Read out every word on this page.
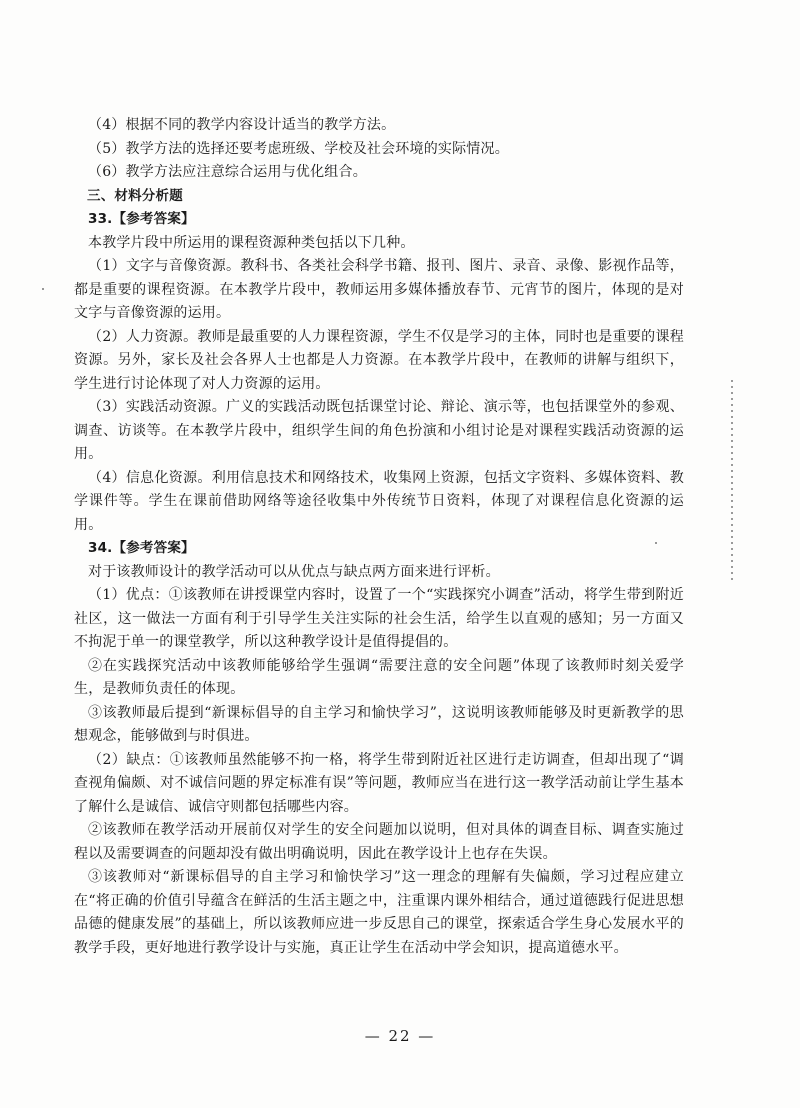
（4）根据不同的教学内容设计适当的教学方法。

（5）教学方法的选择还要考虑班级、学校及社会环境的实际情况。

（6）教学方法应注意综合运用与优化组合。

三、材料分析题

33.【参考答案】

本教学片段中所运用的课程资源种类包括以下几种。

（1）文字与音像资源。教科书、各类社会科学书籍、报刊、图片、录音、录像、影视作品等，都是重要的课程资源。在本教学片段中，教师运用多媒体播放春节、元宵节的图片，体现的是对文字与音像资源的运用。

（2）人力资源。教师是最重要的人力课程资源，学生不仅是学习的主体，同时也是重要的课程资源。另外，家长及社会各界人士也都是人力资源。在本教学片段中，在教师的讲解与组织下，学生进行讨论体现了对人力资源的运用。

（3）实践活动资源。广义的实践活动既包括课堂讨论、辩论、演示等，也包括课堂外的参观、调查、访谈等。在本教学片段中，组织学生间的角色扮演和小组讨论是对课程实践活动资源的运用。

（4）信息化资源。利用信息技术和网络技术，收集网上资源，包括文字资料、多媒体资料、教学课件等。学生在课前借助网络等途径收集中外传统节日资料，体现了对课程信息化资源的运用。

34.【参考答案】

对于该教师设计的教学活动可以从优点与缺点两方面来进行评析。

（1）优点：①该教师在讲授课堂内容时，设置了一个“实践探究小调查”活动，将学生带到附近社区，这一做法一方面有利于引导学生关注实际的社会生活，给学生以直观的感知；另一方面又不拘泥于单一的课堂教学，所以这种教学设计是值得提倡的。

②在实践探究活动中该教师能够给学生强调“需要注意的安全问题”体现了该教师时刻关爱学生，是教师负责任的体现。

③该教师最后提到“新课标倡导的自主学习和愉快学习”，这说明该教师能够及时更新教学的思想观念，能够做到与时俱进。

（2）缺点：①该教师虽然能够不拘一格，将学生带到附近社区进行走访调查，但却出现了“调查视角偏颇、对不诚信问题的界定标准有误”等问题，教师应当在进行这一教学活动前让学生基本了解什么是诚信、诚信守则都包括哪些内容。

②该教师在教学活动开展前仅对学生的安全问题加以说明，但对具体的调查目标、调查实施过程以及需要调查的问题却没有做出明确说明，因此在教学设计上也存在失误。

③该教师对“新课标倡导的自主学习和愉快学习”这一理念的理解有失偏颇，学习过程应建立在“将正确的价值引导蕴含在鲜活的生活主题之中，注重课内课外相结合，通过道德践行促进思想品德的健康发展”的基础上，所以该教师应进一步反思自己的课堂，探索适合学生身心发展水平的教学手段，更好地进行教学设计与实施，真正让学生在活动中学会知识，提高道德水平。

— 22 —
